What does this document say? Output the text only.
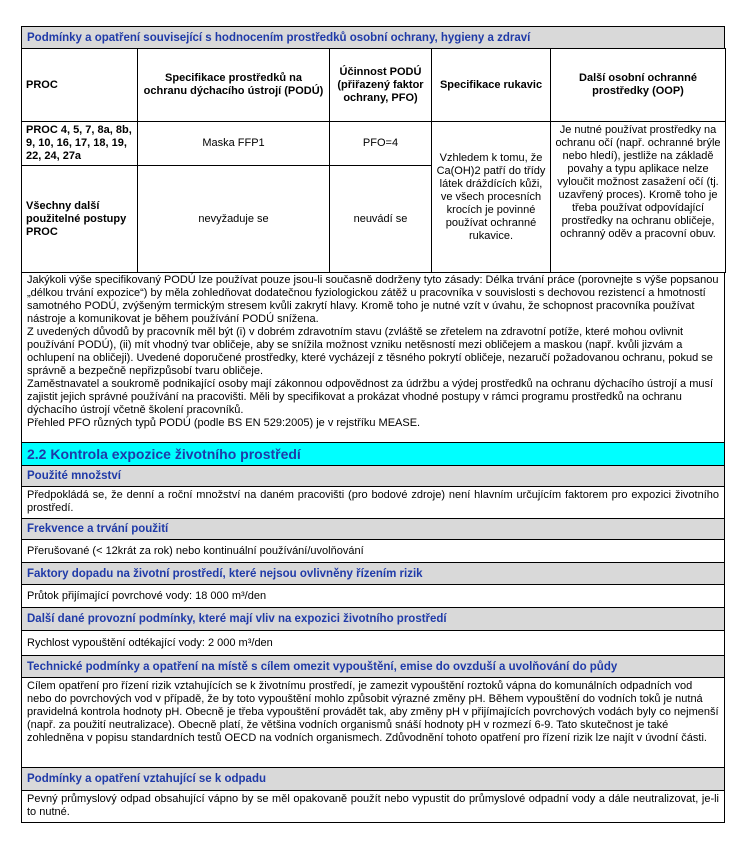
Podmínky a opatření související s hodnocením prostředků osobní ochrany, hygieny a zdraví
PROC	Specifikace prostředků na ochranu dýchacího ústrojí (PODÚ)	Účinnost PODÚ (přiřazený faktor ochrany, PFO)	Specifikace rukavic	Další osobní ochranné prostředky (OOP)
PROC 4, 5, 7, 8a, 8b, 9, 10, 16, 17, 18, 19, 22, 24, 27a	Maska FFP1	PFO=4	Vzhledem k tomu, že Ca(OH)2 patří do třídy látek dráždících kůži, ve všech procesních krocích je povinné používat ochranné rukavice.	Je nutné používat prostředky na ochranu očí (např. ochranné brýle nebo hledí), jestliže na základě povahy a typu aplikace nelze vyloučit možnost zasažení očí (tj. uzavřený proces). Kromě toho je třeba používat odpovídající prostředky na ochranu obličeje, ochranný oděv a pracovní obuv.
Všechny další použitelné postupy PROC	nevyžaduje se	neuvádí se		

Jakýkoli výše specifikovaný PODÚ lze používat pouze jsou-li současně dodrženy tyto zásady: Délka trvání práce (porovnejte s výše popsanou „délkou trvání expozice“) by měla zohledňovat dodatečnou fyziologickou zátěž u pracovníka v souvislosti s dechovou rezistencí a hmotností samotného PODÚ, zvýšeným termickým stresem kvůli zakrytí hlavy. Kromě toho je nutné vzít v úvahu, že schopnost pracovníka používat nástroje a komunikovat je během používání PODÚ snížena.

Z uvedených důvodů by pracovník měl být (i) v dobrém zdravotním stavu (zvláště se zřetelem na zdravotní potíže, které mohou ovlivnit používání PODÚ), (ii) mít vhodný tvar obličeje, aby se snížila možnost vzniku netěsností mezi obličejem a maskou (např. kvůli jizvám a ochlupení na obličeji). Uvedené doporučené prostředky, které vycházejí z těsného pokrytí obličeje, nezaručí požadovanou ochranu, pokud se správně a bezpečně nepřizpůsobí tvaru obličeje.

Zaměstnavatel a soukromě podnikající osoby mají zákonnou odpovědnost za údržbu a výdej prostředků na ochranu dýchacího ústrojí a musí zajistit jejich správné používání na pracovišti. Měli by specifikovat a prokázat vhodné postupy v rámci programu prostředků na ochranu dýchacího ústrojí včetně školení pracovníků.

Přehled PFO různých typů PODÚ (podle BS EN 529:2005) je v rejstříku MEASE.

2.2 Kontrola expozice životního prostředí
Použité množství
Předpokládá se, že denní a roční množství na daném pracovišti (pro bodové zdroje) není hlavním určujícím faktorem pro expozici životního prostředí.
Frekvence a trvání použití
Přerušované (< 12krát za rok) nebo kontinuální používání/uvolňování
Faktory dopadu na životní prostředí, které nejsou ovlivněny řízením rizik
Průtok přijímající povrchové vody: 18 000 m³/den
Další dané provozní podmínky, které mají vliv na expozici životního prostředí
Rychlost vypouštění odtékající vody: 2 000 m³/den
Technické podmínky a opatření na místě s cílem omezit vypouštění, emise do ovzduší a uvolňování do půdy
Cílem opatření pro řízení rizik vztahujících se k životnímu prostředí, je zamezit vypouštění roztoků vápna do komunálních odpadních vod nebo do povrchových vod v případě, že by toto vypouštění mohlo způsobit výrazné změny pH. Během vypouštění do vodních toků je nutná pravidelná kontrola hodnoty pH. Obecně je třeba vypouštění provádět tak, aby změny pH v přijímajících povrchových vodách byly co nejmenší (např. za použití neutralizace). Obecně platí, že většina vodních organismů snáší hodnoty pH v rozmezí 6-9. Tato skutečnost je také zohledněna v popisu standardních testů OECD na vodních organismech. Zdůvodnění tohoto opatření pro řízení rizik lze najít v úvodní části.
Podmínky a opatření vztahující se k odpadu
Pevný průmyslový odpad obsahující vápno by se měl opakovaně použít nebo vypustit do průmyslové odpadní vody a dále neutralizovat, je-li to nutné.
